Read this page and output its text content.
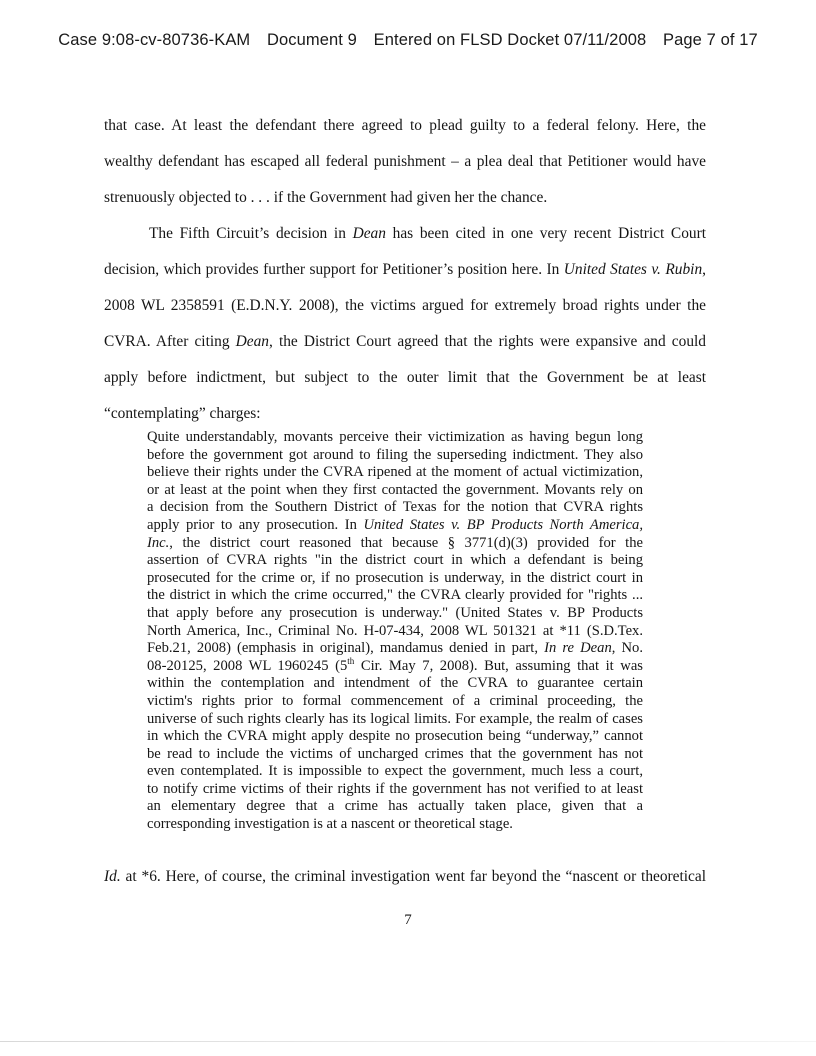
Case 9:08-cv-80736-KAM Document 9 Entered on FLSD Docket 07/11/2008 Page 7 of 17

that case. At least the defendant there agreed to plead guilty to a federal felony. Here, the
wealthy defendant has escaped all federal punishment – a plea deal that Petitioner would have
strenuously objected to . . . if the Government had given her the chance.

The Fifth Circuit’s decision in Dean has been cited in one very recent District Court
decision, which provides further support for Petitioner’s position here. In United States v. Rubin,
2008 WL 2358591 (E.D.N.Y. 2008), the victims argued for extremely broad rights under the
CVRA. After citing Dean, the District Court agreed that the rights were expansive and could
apply before indictment, but subject to the outer limit that the Government be at least
“contemplating” charges:

Quite understandably, movants perceive their victimization as having begun long
before the government got around to filing the superseding indictment. They also
believe their rights under the CVRA ripened at the moment of actual victimization,
or at least at the point when they first contacted the government. Movants rely on
a decision from the Southern District of Texas for the notion that CVRA rights
apply prior to any prosecution. In United States v. BP Products North America,
Inc., the district court reasoned that because § 3771(d)(3) provided for the
assertion of CVRA rights "in the district court in which a defendant is being
prosecuted for the crime or, if no prosecution is underway, in the district court in
the district in which the crime occurred," the CVRA clearly provided for "rights ...
that apply before any prosecution is underway." (United States v. BP Products
North America, Inc., Criminal No. H-07-434, 2008 WL 501321 at *11 (S.D.Tex.
Feb.21, 2008) (emphasis in original), mandamus denied in part, In re Dean, No.
08-20125, 2008 WL 1960245 (5th Cir. May 7, 2008). But, assuming that it was
within the contemplation and intendment of the CVRA to guarantee certain
victim's rights prior to formal commencement of a criminal proceeding, the
universe of such rights clearly has its logical limits. For example, the realm of cases
in which the CVRA might apply despite no prosecution being “underway,” cannot
be read to include the victims of uncharged crimes that the government has not
even contemplated. It is impossible to expect the government, much less a court,
to notify crime victims of their rights if the government has not verified to at least
an elementary degree that a crime has actually taken place, given that a
corresponding investigation is at a nascent or theoretical stage.
Id. at *6. Here, of course, the criminal investigation went far beyond the “nascent or theoretical
7
